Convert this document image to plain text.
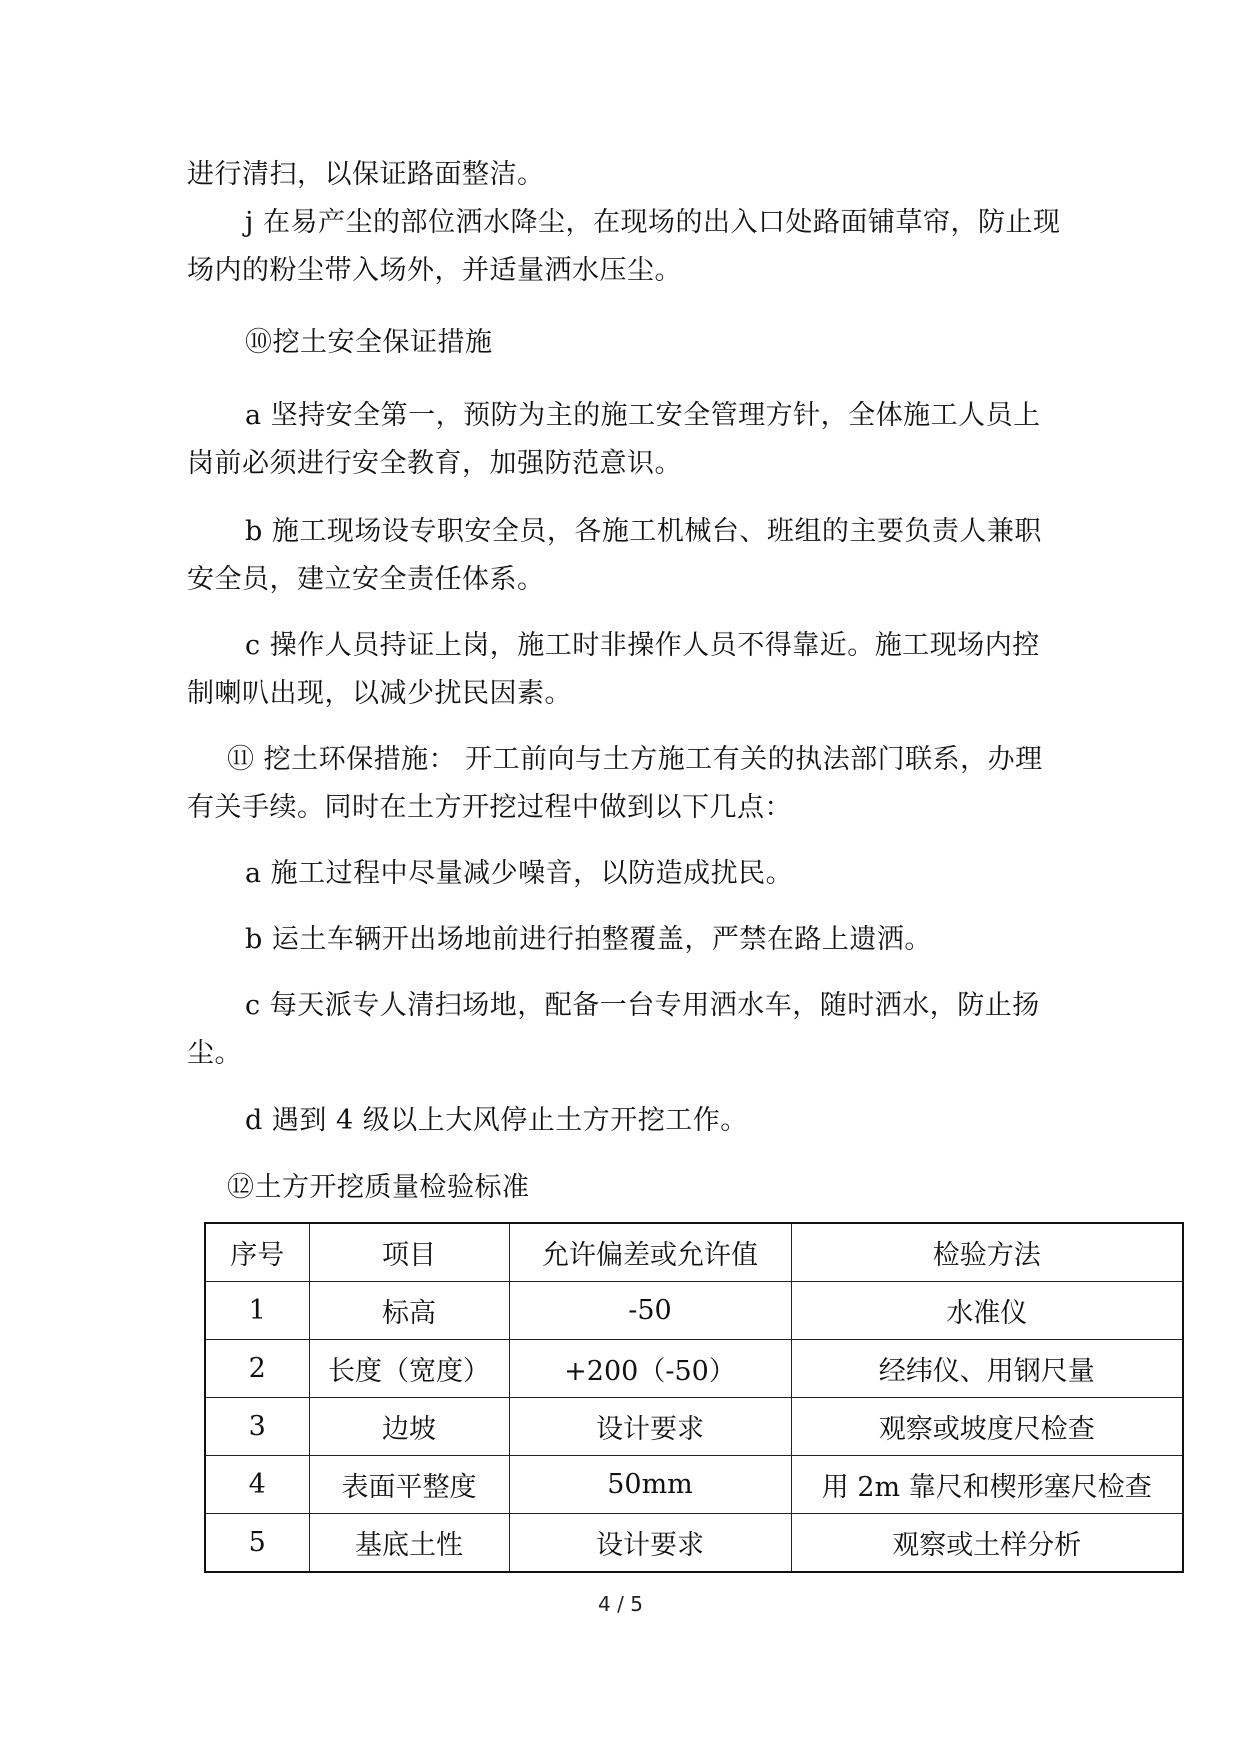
进行清扫，以保证路面整洁。

j 在易产尘的部位洒水降尘，在现场的出入口处路面铺草帘，防止现场内的粉尘带入场外，并适量洒水压尘。

⑩挖土安全保证措施

a 坚持安全第一，预防为主的施工安全管理方针，全体施工人员上岗前必须进行安全教育，加强防范意识。

b 施工现场设专职安全员，各施工机械台、班组的主要负责人兼职安全员，建立安全责任体系。

c 操作人员持证上岗，施工时非操作人员不得靠近。施工现场内控制喇叭出现，以减少扰民因素。

⑪ 挖土环保措施： 开工前向与土方施工有关的执法部门联系，办理有关手续。同时在土方开挖过程中做到以下几点：

a 施工过程中尽量减少噪音，以防造成扰民。

b 运土车辆开出场地前进行拍整覆盖，严禁在路上遗洒。

c 每天派专人清扫场地，配备一台专用洒水车，随时洒水，防止扬尘。

d 遇到 4 级以上大风停止土方开挖工作。

⑫土方开挖质量检验标准

序号	项目	允许偏差或允许值	检验方法
1	标高	-50	水准仪
2	长度（宽度）	+200（-50）	经纬仪、用钢尺量
3	边坡	设计要求	观察或坡度尺检查
4	表面平整度	50mm	用 2m 靠尺和楔形塞尺检查
5	基底土性	设计要求	观察或土样分析
4 / 5
